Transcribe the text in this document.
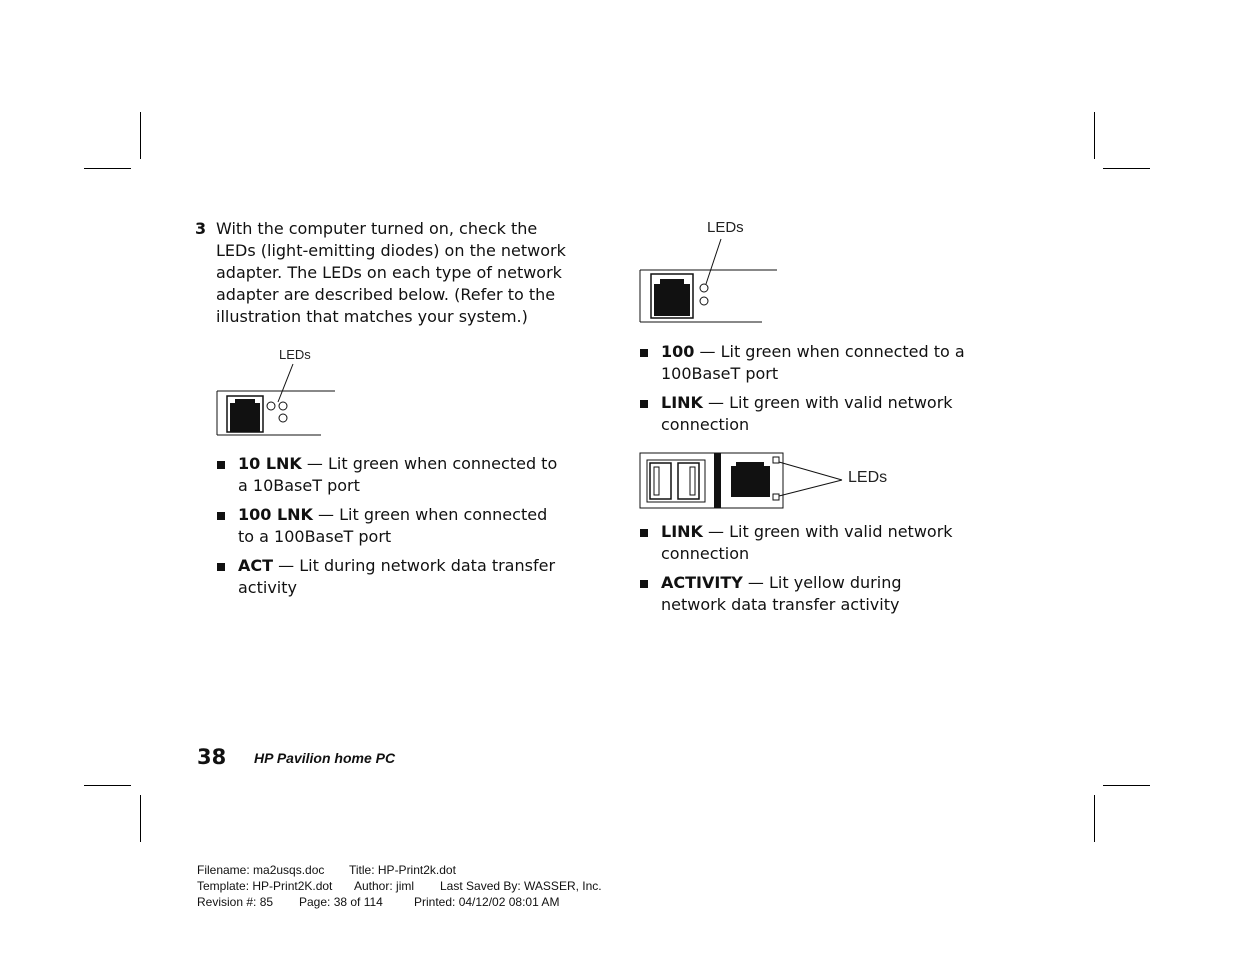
3 With the computer turned on, check the LEDs (light-emitting diodes) on the network adapter. The LEDs on each type of network adapter are described below. (Refer to the illustration that matches your system.)
LEDs
10 LNK — Lit green when connected to a 10BaseT port
100 LNK — Lit green when connected to a 100BaseT port
ACT — Lit during network data transfer activity
LEDs
100 — Lit green when connected to a 100BaseT port
LINK — Lit green with valid network connection
LEDs
LINK — Lit green with valid network connection
ACTIVITY — Lit yellow during network data transfer activity
38 HP Pavilion home PC
Filename: ma2usqs.doc Title: HP-Print2k.dot
Template: HP-Print2K.dot Author: jiml Last Saved By: WASSER, Inc.
Revision #: 85 Page: 38 of 114	Printed: 04/12/02 08:01 AM
